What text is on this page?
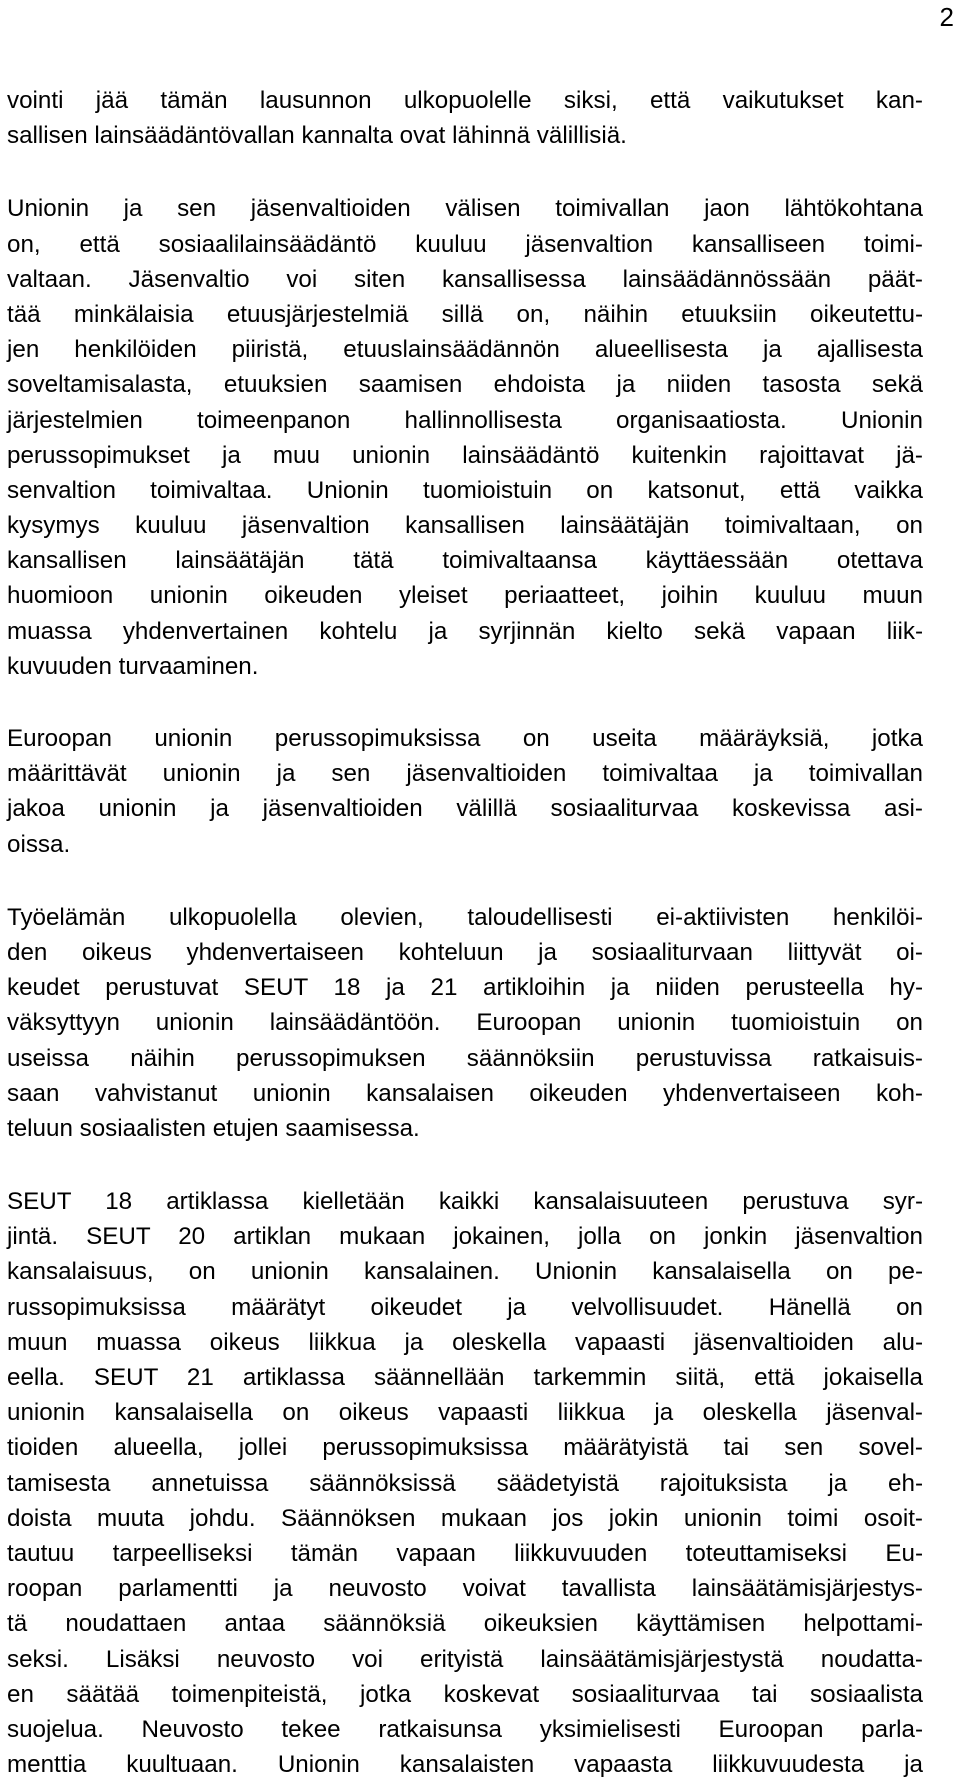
2
vointi jää tämän lausunnon ulkopuolelle siksi, että vaikutukset kan-
sallisen lainsäädäntövallan kannalta ovat lähinnä välillisiä.
Unionin ja sen jäsenvaltioiden välisen toimivallan jaon lähtökohtana
on, että sosiaalilainsäädäntö kuuluu jäsenvaltion kansalliseen toimi-
valtaan. Jäsenvaltio voi siten kansallisessa lainsäädännössään päät-
tää minkälaisia etuusjärjestelmiä sillä on, näihin etuuksiin oikeutettu-
jen henkilöiden piiristä, etuuslainsäädännön alueellisesta ja ajallisesta
soveltamisalasta, etuuksien saamisen ehdoista ja niiden tasosta sekä
järjestelmien toimeenpanon hallinnollisesta organisaatiosta. Unionin
perussopimukset ja muu unionin lainsäädäntö kuitenkin rajoittavat jä-
senvaltion toimivaltaa. Unionin tuomioistuin on katsonut, että vaikka
kysymys kuuluu jäsenvaltion kansallisen lainsäätäjän toimivaltaan, on
kansallisen lainsäätäjän tätä toimivaltaansa käyttäessään otettava
huomioon unionin oikeuden yleiset periaatteet, joihin kuuluu muun
muassa yhdenvertainen kohtelu ja syrjinnän kielto sekä vapaan liik-
kuvuuden turvaaminen.
Euroopan unionin perussopimuksissa on useita määräyksiä, jotka
määrittävät unionin ja sen jäsenvaltioiden toimivaltaa ja toimivallan
jakoa unionin ja jäsenvaltioiden välillä sosiaaliturvaa koskevissa asi-
oissa.
Työelämän ulkopuolella olevien, taloudellisesti ei-aktiivisten henkilöi-
den oikeus yhdenvertaiseen kohteluun ja sosiaaliturvaan liittyvät oi-
keudet perustuvat SEUT 18 ja 21 artikloihin ja niiden perusteella hy-
väksyttyyn unionin lainsäädäntöön. Euroopan unionin tuomioistuin on
useissa näihin perussopimuksen säännöksiin perustuvissa ratkaisuis-
saan vahvistanut unionin kansalaisen oikeuden yhdenvertaiseen koh-
teluun sosiaalisten etujen saamisessa.
SEUT 18 artiklassa kielletään kaikki kansalaisuuteen perustuva syr-
jintä. SEUT 20 artiklan mukaan jokainen, jolla on jonkin jäsenvaltion
kansalaisuus, on unionin kansalainen. Unionin kansalaisella on pe-
russopimuksissa määrätyt oikeudet ja velvollisuudet. Hänellä on
muun muassa oikeus liikkua ja oleskella vapaasti jäsenvaltioiden alu-
eella. SEUT 21 artiklassa säännellään tarkemmin siitä, että jokaisella
unionin kansalaisella on oikeus vapaasti liikkua ja oleskella jäsenval-
tioiden alueella, jollei perussopimuksissa määrätyistä tai sen sovel-
tamisesta annetuissa säännöksissä säädetyistä rajoituksista ja eh-
doista muuta johdu. Säännöksen mukaan jos jokin unionin toimi osoit-
tautuu tarpeelliseksi tämän vapaan liikkuvuuden toteuttamiseksi Eu-
roopan parlamentti ja neuvosto voivat tavallista lainsäätämisjärjestys-
tä noudattaen antaa säännöksiä oikeuksien käyttämisen helpottami-
seksi. Lisäksi neuvosto voi erityistä lainsäätämisjärjestystä noudatta-
en säätää toimenpiteistä, jotka koskevat sosiaaliturvaa tai sosiaalista
suojelua. Neuvosto tekee ratkaisunsa yksimielisesti Euroopan parla-
menttia kuultuaan. Unionin kansalaisten vapaasta liikkuvuudesta ja
